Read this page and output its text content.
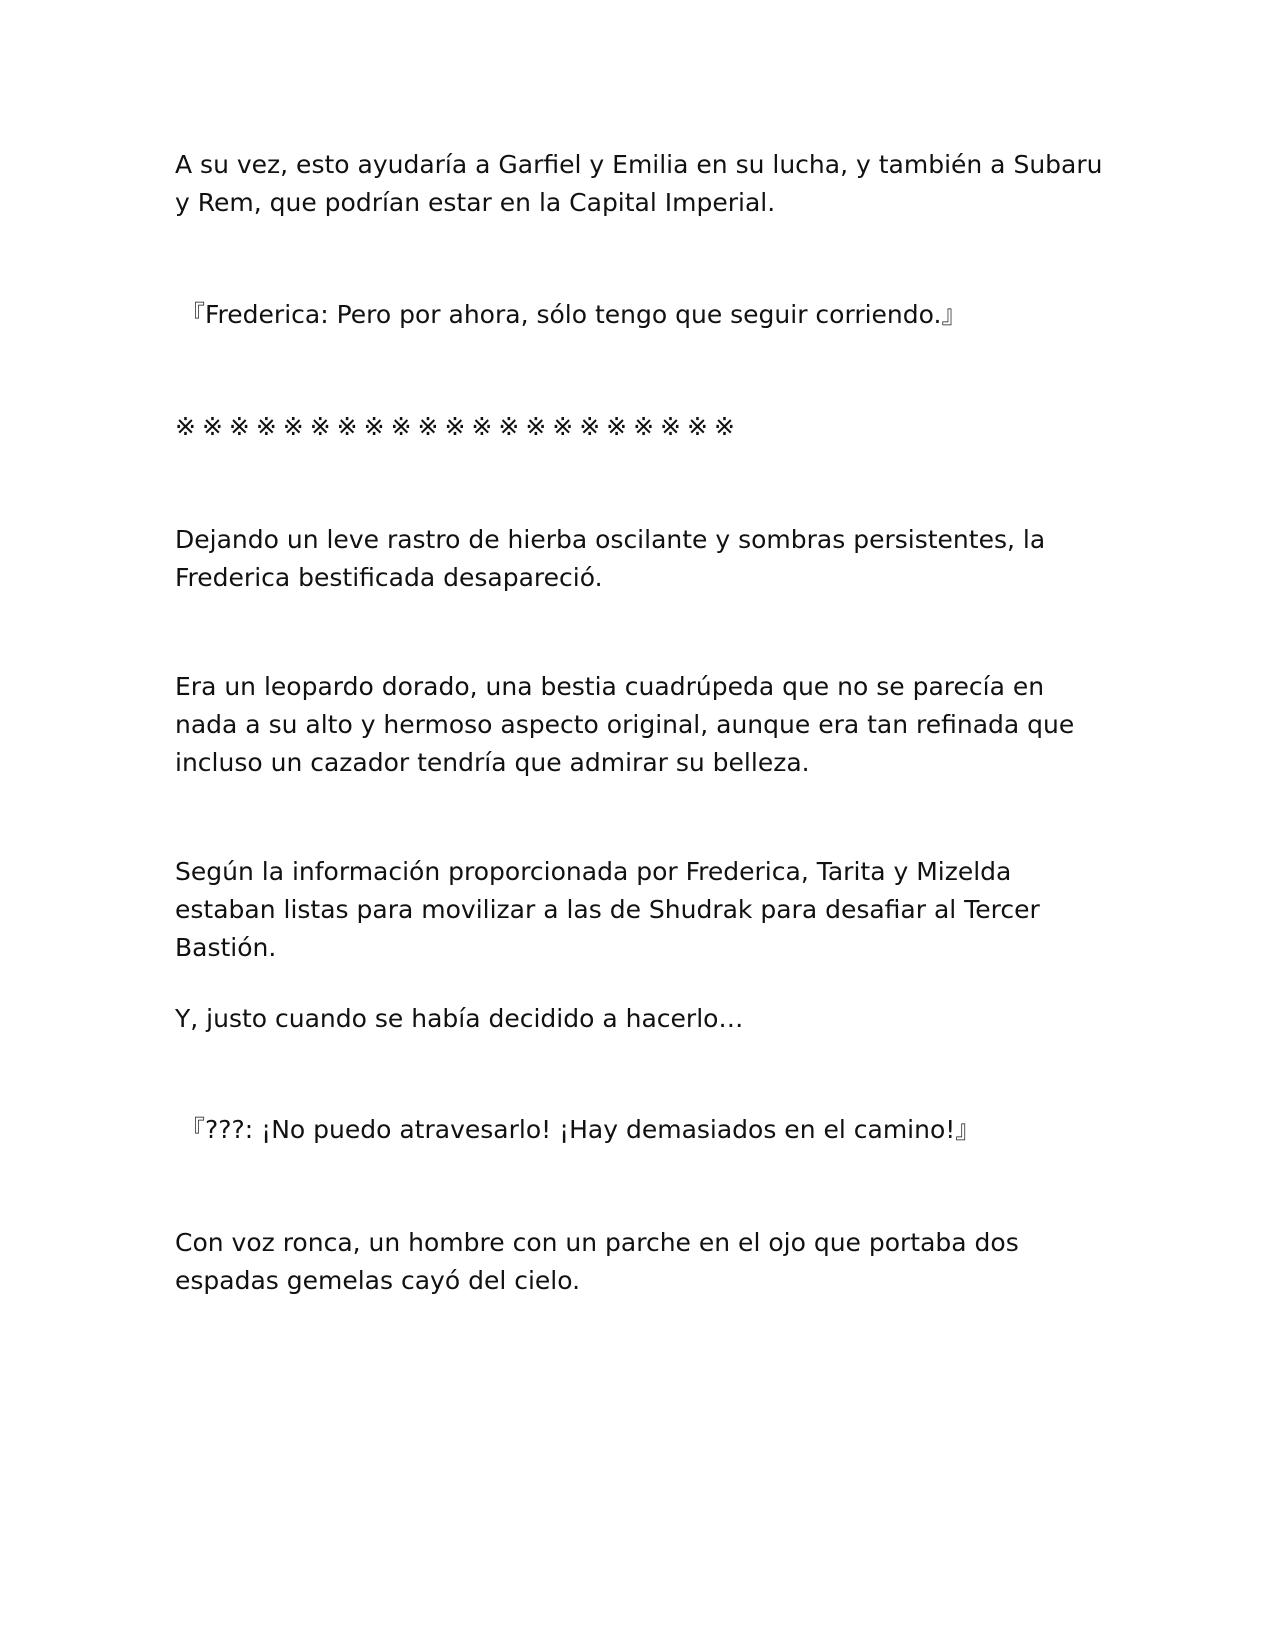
A su vez, esto ayudaría a Garfiel y Emilia en su lucha, y también a Subaru y Rem, que podrían estar en la Capital Imperial.

『Frederica: Pero por ahora, sólo tengo que seguir corriendo.』

※※※※※※※※※※※※※※※※※※※※※

Dejando un leve rastro de hierba oscilante y sombras persistentes, la Frederica bestificada desapareció.

Era un leopardo dorado, una bestia cuadrúpeda que no se parecía en nada a su alto y hermoso aspecto original, aunque era tan refinada que incluso un cazador tendría que admirar su belleza.

Según la información proporcionada por Frederica, Tarita y Mizelda estaban listas para movilizar a las de Shudrak para desafiar al Tercer Bastión.

Y, justo cuando se había decidido a hacerlo…

『???: ¡No puedo atravesarlo! ¡Hay demasiados en el camino!』

Con voz ronca, un hombre con un parche en el ojo que portaba dos espadas gemelas cayó del cielo.
